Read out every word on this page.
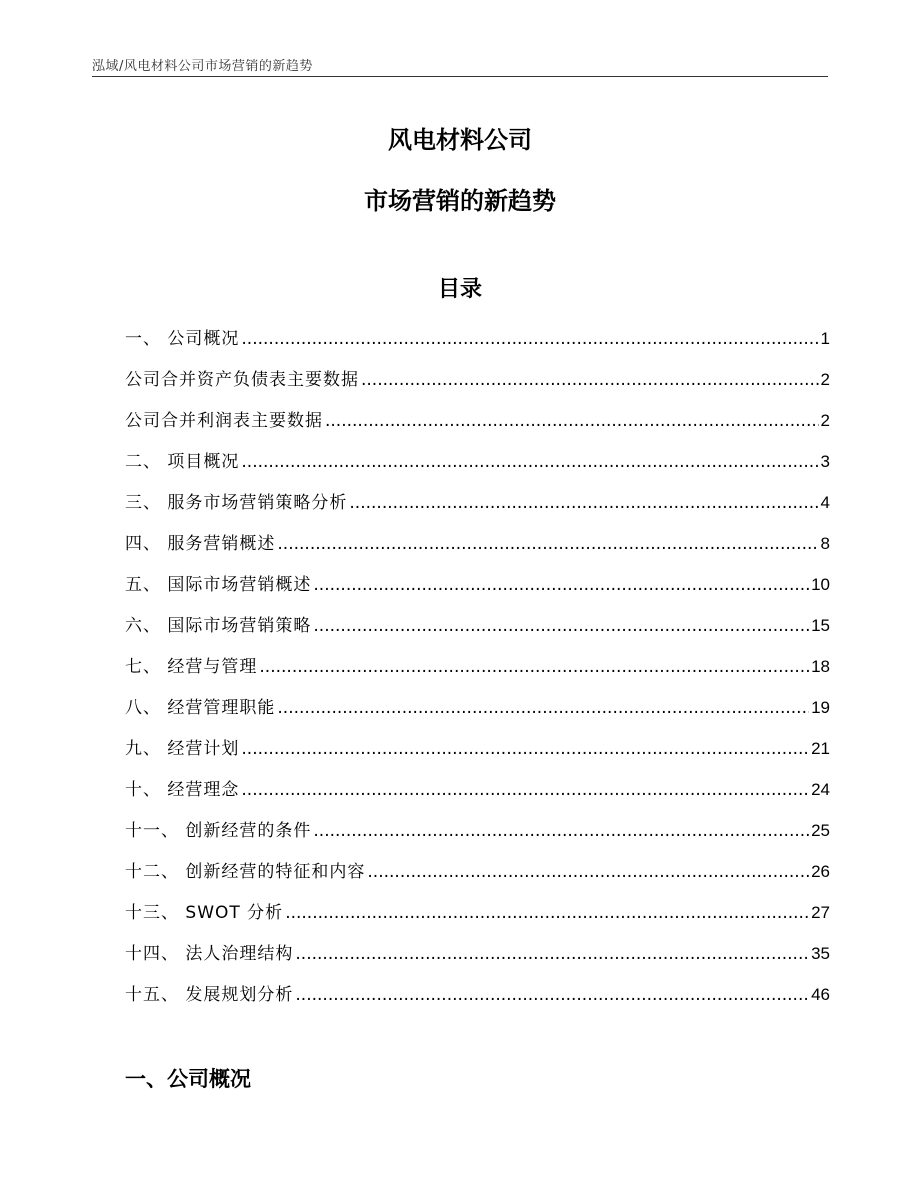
泓域/风电材料公司市场营销的新趋势
风电材料公司
市场营销的新趋势
目录
一、 公司概况 .....	1
公司合并资产负债表主要数据 .....	2
公司合并利润表主要数据 .....	2
二、 项目概况 .....	3
三、 服务市场营销策略分析 .....	4
四、 服务营销概述 .....	8
五、 国际市场营销概述 .....	10
六、 国际市场营销策略 .....	15
七、 经营与管理 .....	18
八、 经营管理职能 .....	19
九、 经营计划 .....	21
十、 经营理念 .....	24
十一、 创新经营的条件 .....	25
十二、 创新经营的特征和内容 .....	26
十三、 SWOT 分析 .....	27
十四、 法人治理结构 .....	35
十五、 发展规划分析 .....	46
一、公司概况
